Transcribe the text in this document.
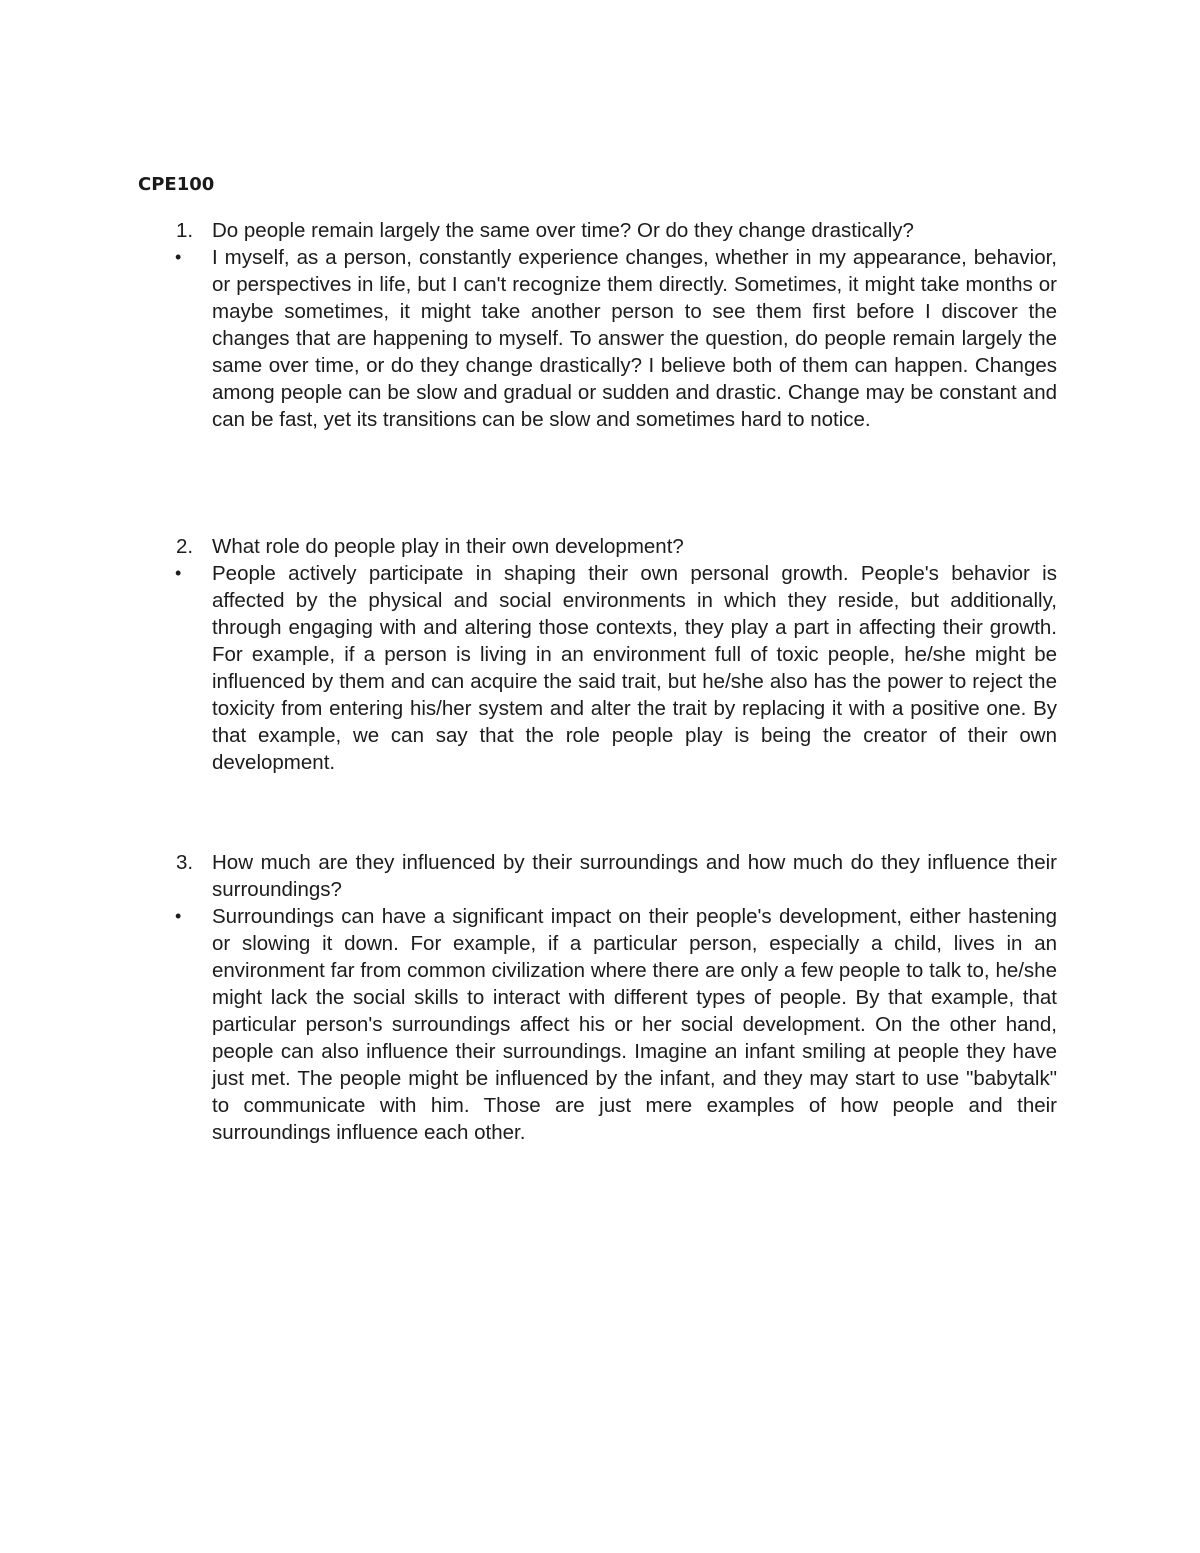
CPE100
1. Do people remain largely the same over time? Or do they change drastically?
• I myself, as a person, constantly experience changes, whether in my appearance, behavior, or perspectives in life, but I can't recognize them directly. Sometimes, it might take months or maybe sometimes, it might take another person to see them first before I discover the changes that are happening to myself. To answer the question, do people remain largely the same over time, or do they change drastically? I believe both of them can happen. Changes among people can be slow and gradual or sudden and drastic. Change may be constant and can be fast, yet its transitions can be slow and sometimes hard to notice.
2. What role do people play in their own development?
• People actively participate in shaping their own personal growth. People's behavior is affected by the physical and social environments in which they reside, but additionally, through engaging with and altering those contexts, they play a part in affecting their growth. For example, if a person is living in an environment full of toxic people, he/she might be influenced by them and can acquire the said trait, but he/she also has the power to reject the toxicity from entering his/her system and alter the trait by replacing it with a positive one. By that example, we can say that the role people play is being the creator of their own development.
3. How much are they influenced by their surroundings and how much do they influence their surroundings?
• Surroundings can have a significant impact on their people's development, either hastening or slowing it down. For example, if a particular person, especially a child, lives in an environment far from common civilization where there are only a few people to talk to, he/she might lack the social skills to interact with different types of people. By that example, that particular person's surroundings affect his or her social development. On the other hand, people can also influence their surroundings. Imagine an infant smiling at people they have just met. The people might be influenced by the infant, and they may start to use "babytalk" to communicate with him. Those are just mere examples of how people and their surroundings influence each other.
